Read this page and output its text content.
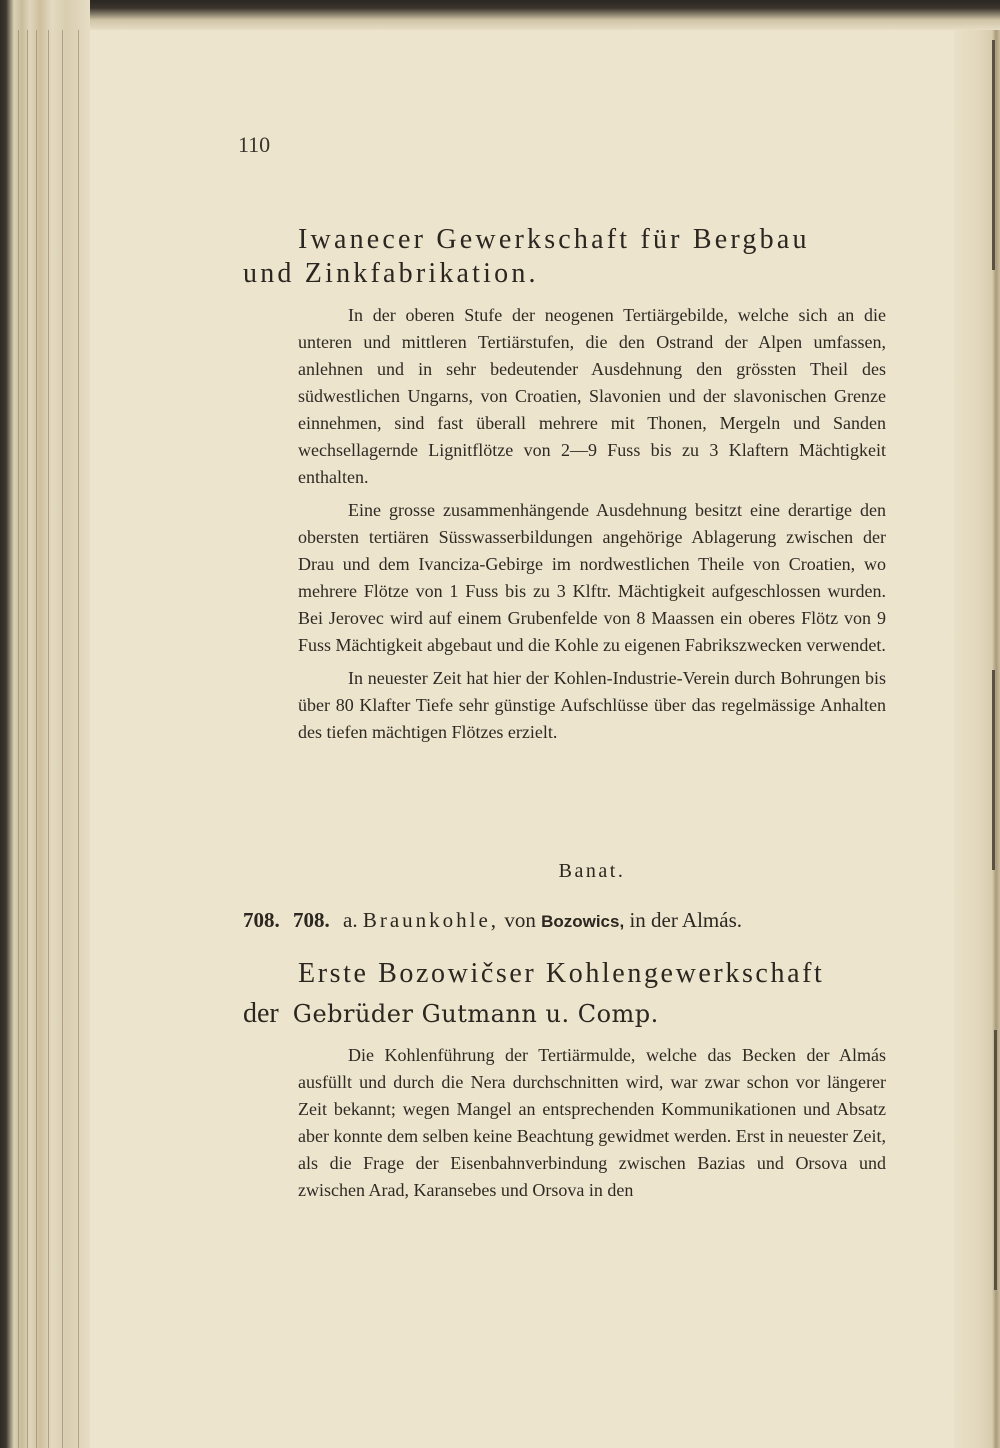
110
Iwanecer Gewerkschaft für Bergbau
und Zinkfabrikation.

In der oberen Stufe der neogenen Tertiärgebilde, welche sich an die unteren und mittleren Tertiärstufen, die den Ostrand der Alpen umfassen, anlehnen und in sehr bedeutender Ausdehnung den grössten Theil des südwestlichen Ungarns, von Croatien, Slavonien und der slavonischen Grenze einnehmen, sind fast überall mehrere mit Thonen, Mergeln und Sanden wechsellagernde Lignitflötze von 2—9 Fuss bis zu 3 Klaftern Mächtigkeit enthalten.

Eine grosse zusammenhängende Ausdehnung besitzt eine derartige den obersten tertiären Süsswasserbildungen angehörige Ablagerung zwischen der Drau und dem Ivanciza-Gebirge im nordwestlichen Theile von Croatien, wo mehrere Flötze von 1 Fuss bis zu 3 Klftr. Mächtigkeit aufgeschlossen wurden. Bei Jerovec wird auf einem Grubenfelde von 8 Maassen ein oberes Flötz von 9 Fuss Mächtigkeit abgebaut und die Kohle zu eigenen Fabrikszwecken verwendet.

In neuester Zeit hat hier der Kohlen-Industrie-Verein durch Bohrungen bis über 80 Klafter Tiefe sehr günstige Aufschlüsse über das regelmässige Anhalten des tiefen mächtigen Flötzes erzielt.

Banat.
708. 708. a. Braunkohle, von Bozowics, in der Almás.
Erste Bozowičser Kohlengewerkschaft
der Gebrüder Gutmann u. Comp.

Die Kohlenführung der Tertiärmulde, welche das Becken der Almás ausfüllt und durch die Nera durchschnitten wird, war zwar schon vor längerer Zeit bekannt; wegen Mangel an entsprechenden Kommunikationen und Absatz aber konnte dem selben keine Beachtung gewidmet werden. Erst in neuester Zeit, als die Frage der Eisenbahnverbindung zwischen Bazias und Orsova und zwischen Arad, Karansebes und Orsova in den
